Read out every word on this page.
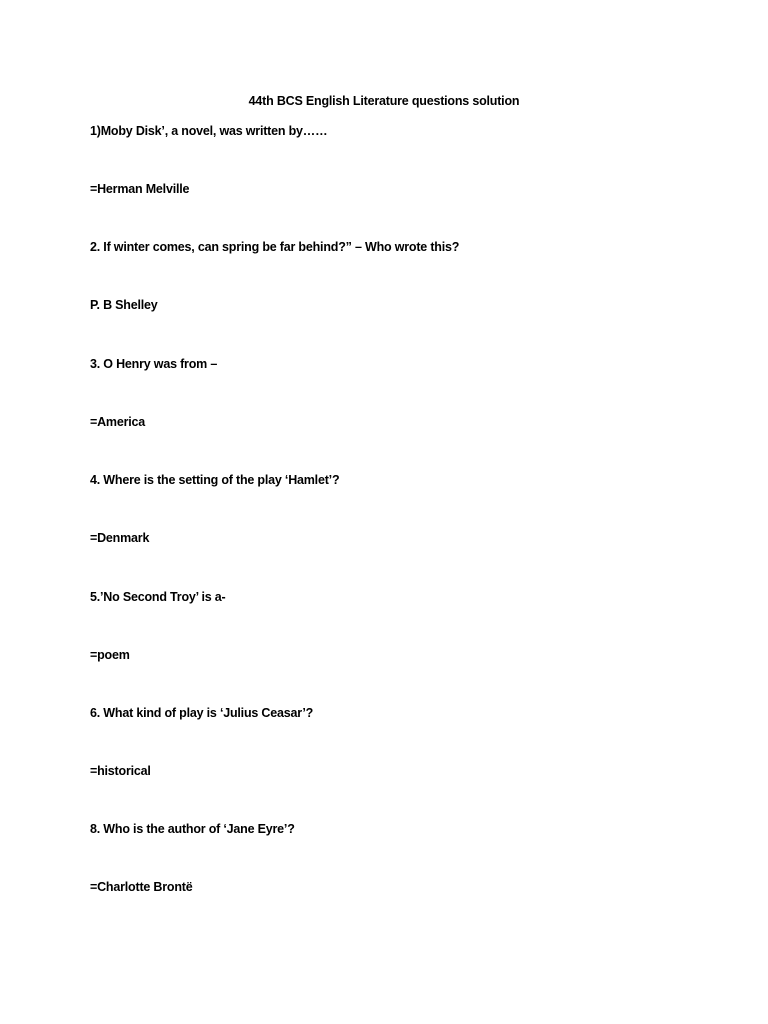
44th BCS English Literature questions solution
1)Moby Disk’, a novel, was written by……
=Herman Melville
2. If winter comes, can spring be far behind?” – Who wrote this?
P. B Shelley
3. O Henry was from –
=America
4. Where is the setting of the play ‘Hamlet’?
=Denmark
5.’No Second Troy’ is a-
=poem
6. What kind of play is ‘Julius Ceasar’?
=historical
8. Who is the author of ‘Jane Eyre’?
=Charlotte Brontë
